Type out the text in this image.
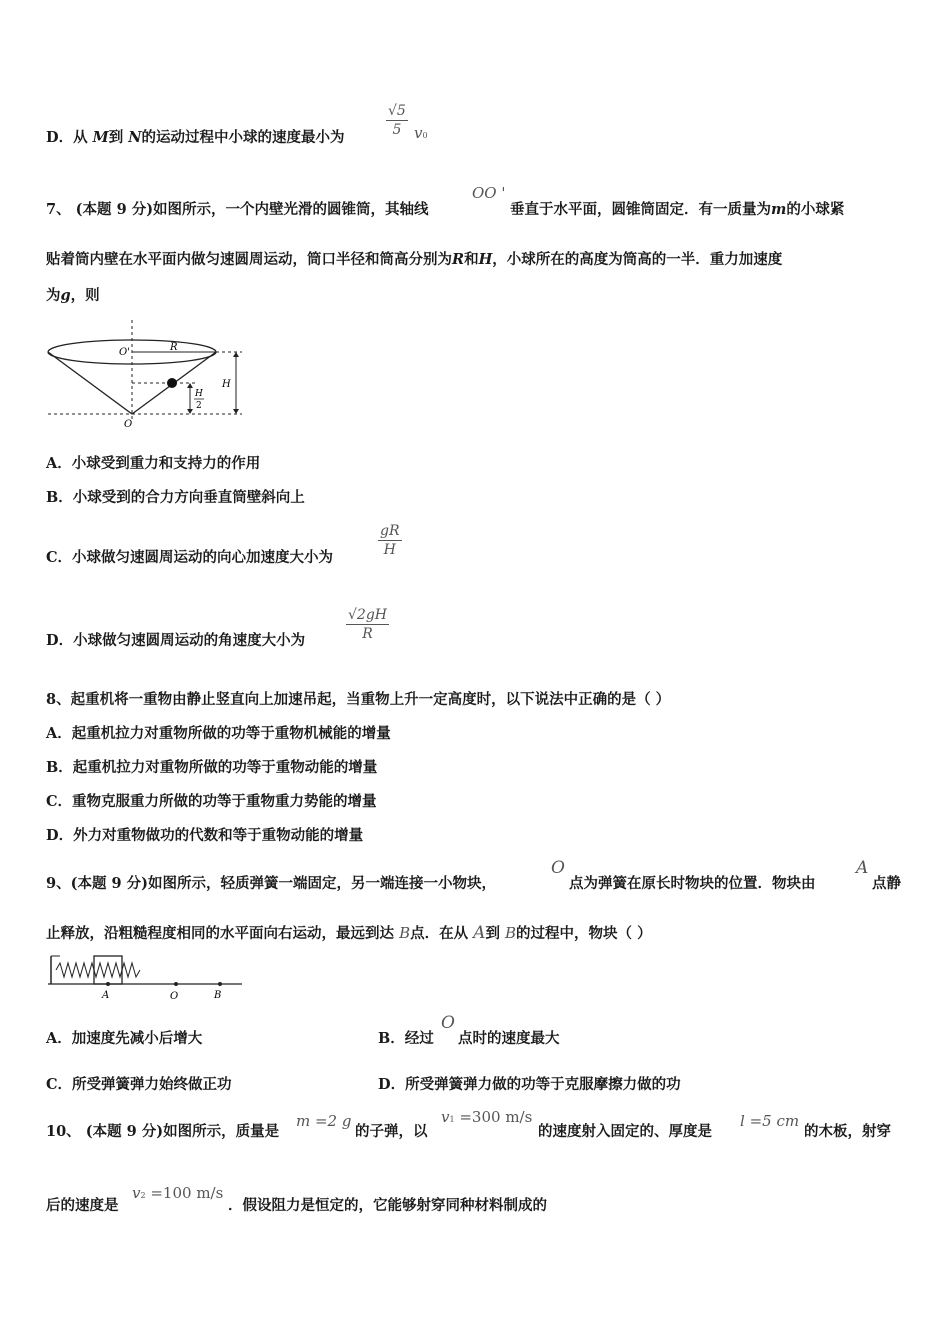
D．从 M到 N的运动过程中小球的速度最小为	$\frac{√5}{5} v0$
7、 (本题 9 分)如图所示，一个内壁光滑的圆锥筒，其轴线
OO '
垂直于水平面，圆锥筒固定．有一质量为m的小球紧
贴着筒内壁在水平面内做匀速圆周运动，筒口半径和筒高分别为R和H，小球所在的高度为筒高的一半．重力加速度
为g，则
O'	R
H
H
2
O
A．小球受到重力和支持力的作用
B．小球受到的合力方向垂直筒壁斜向上
C．小球做匀速圆周运动的向心加速度大小为	$\frac{gR}{H}$
D．小球做匀速圆周运动的角速度大小为	$\frac{√2gH}{R}$
8、起重机将一重物由静止竖直向上加速吊起，当重物上升一定高度时，以下说法中正确的是（ ）
A．起重机拉力对重物所做的功等于重物机械能的增量
B．起重机拉力对重物所做的功等于重物动能的增量
C．重物克服重力所做的功等于重物重力势能的增量
D．外力对重物做功的代数和等于重物动能的增量
9、(本题 9 分)如图所示，轻质弹簧一端固定，另一端连接一小物块，
O
点为弹簧在原长时物块的位置．物块由
A
点静
止释放，沿粗糙程度相同的水平面向右运动，最远到达 B点．在从 A到 B的过程中，物块（ ）
A	O	B
A．加速度先减小后增大	B．经过
O
点时的速度最大
C．所受弹簧弹力始终做正功	D．所受弹簧弹力做的功等于克服摩擦力做的功
10、 (本题 9 分)如图所示，质量是
m =2 g
的子弹，以
v1 =300 m/s
的速度射入固定的、厚度是
l =5 cm
的木板，射穿
后的速度是
v2 =100 m/s
．假设阻力是恒定的，它能够射穿同种材料制成的
